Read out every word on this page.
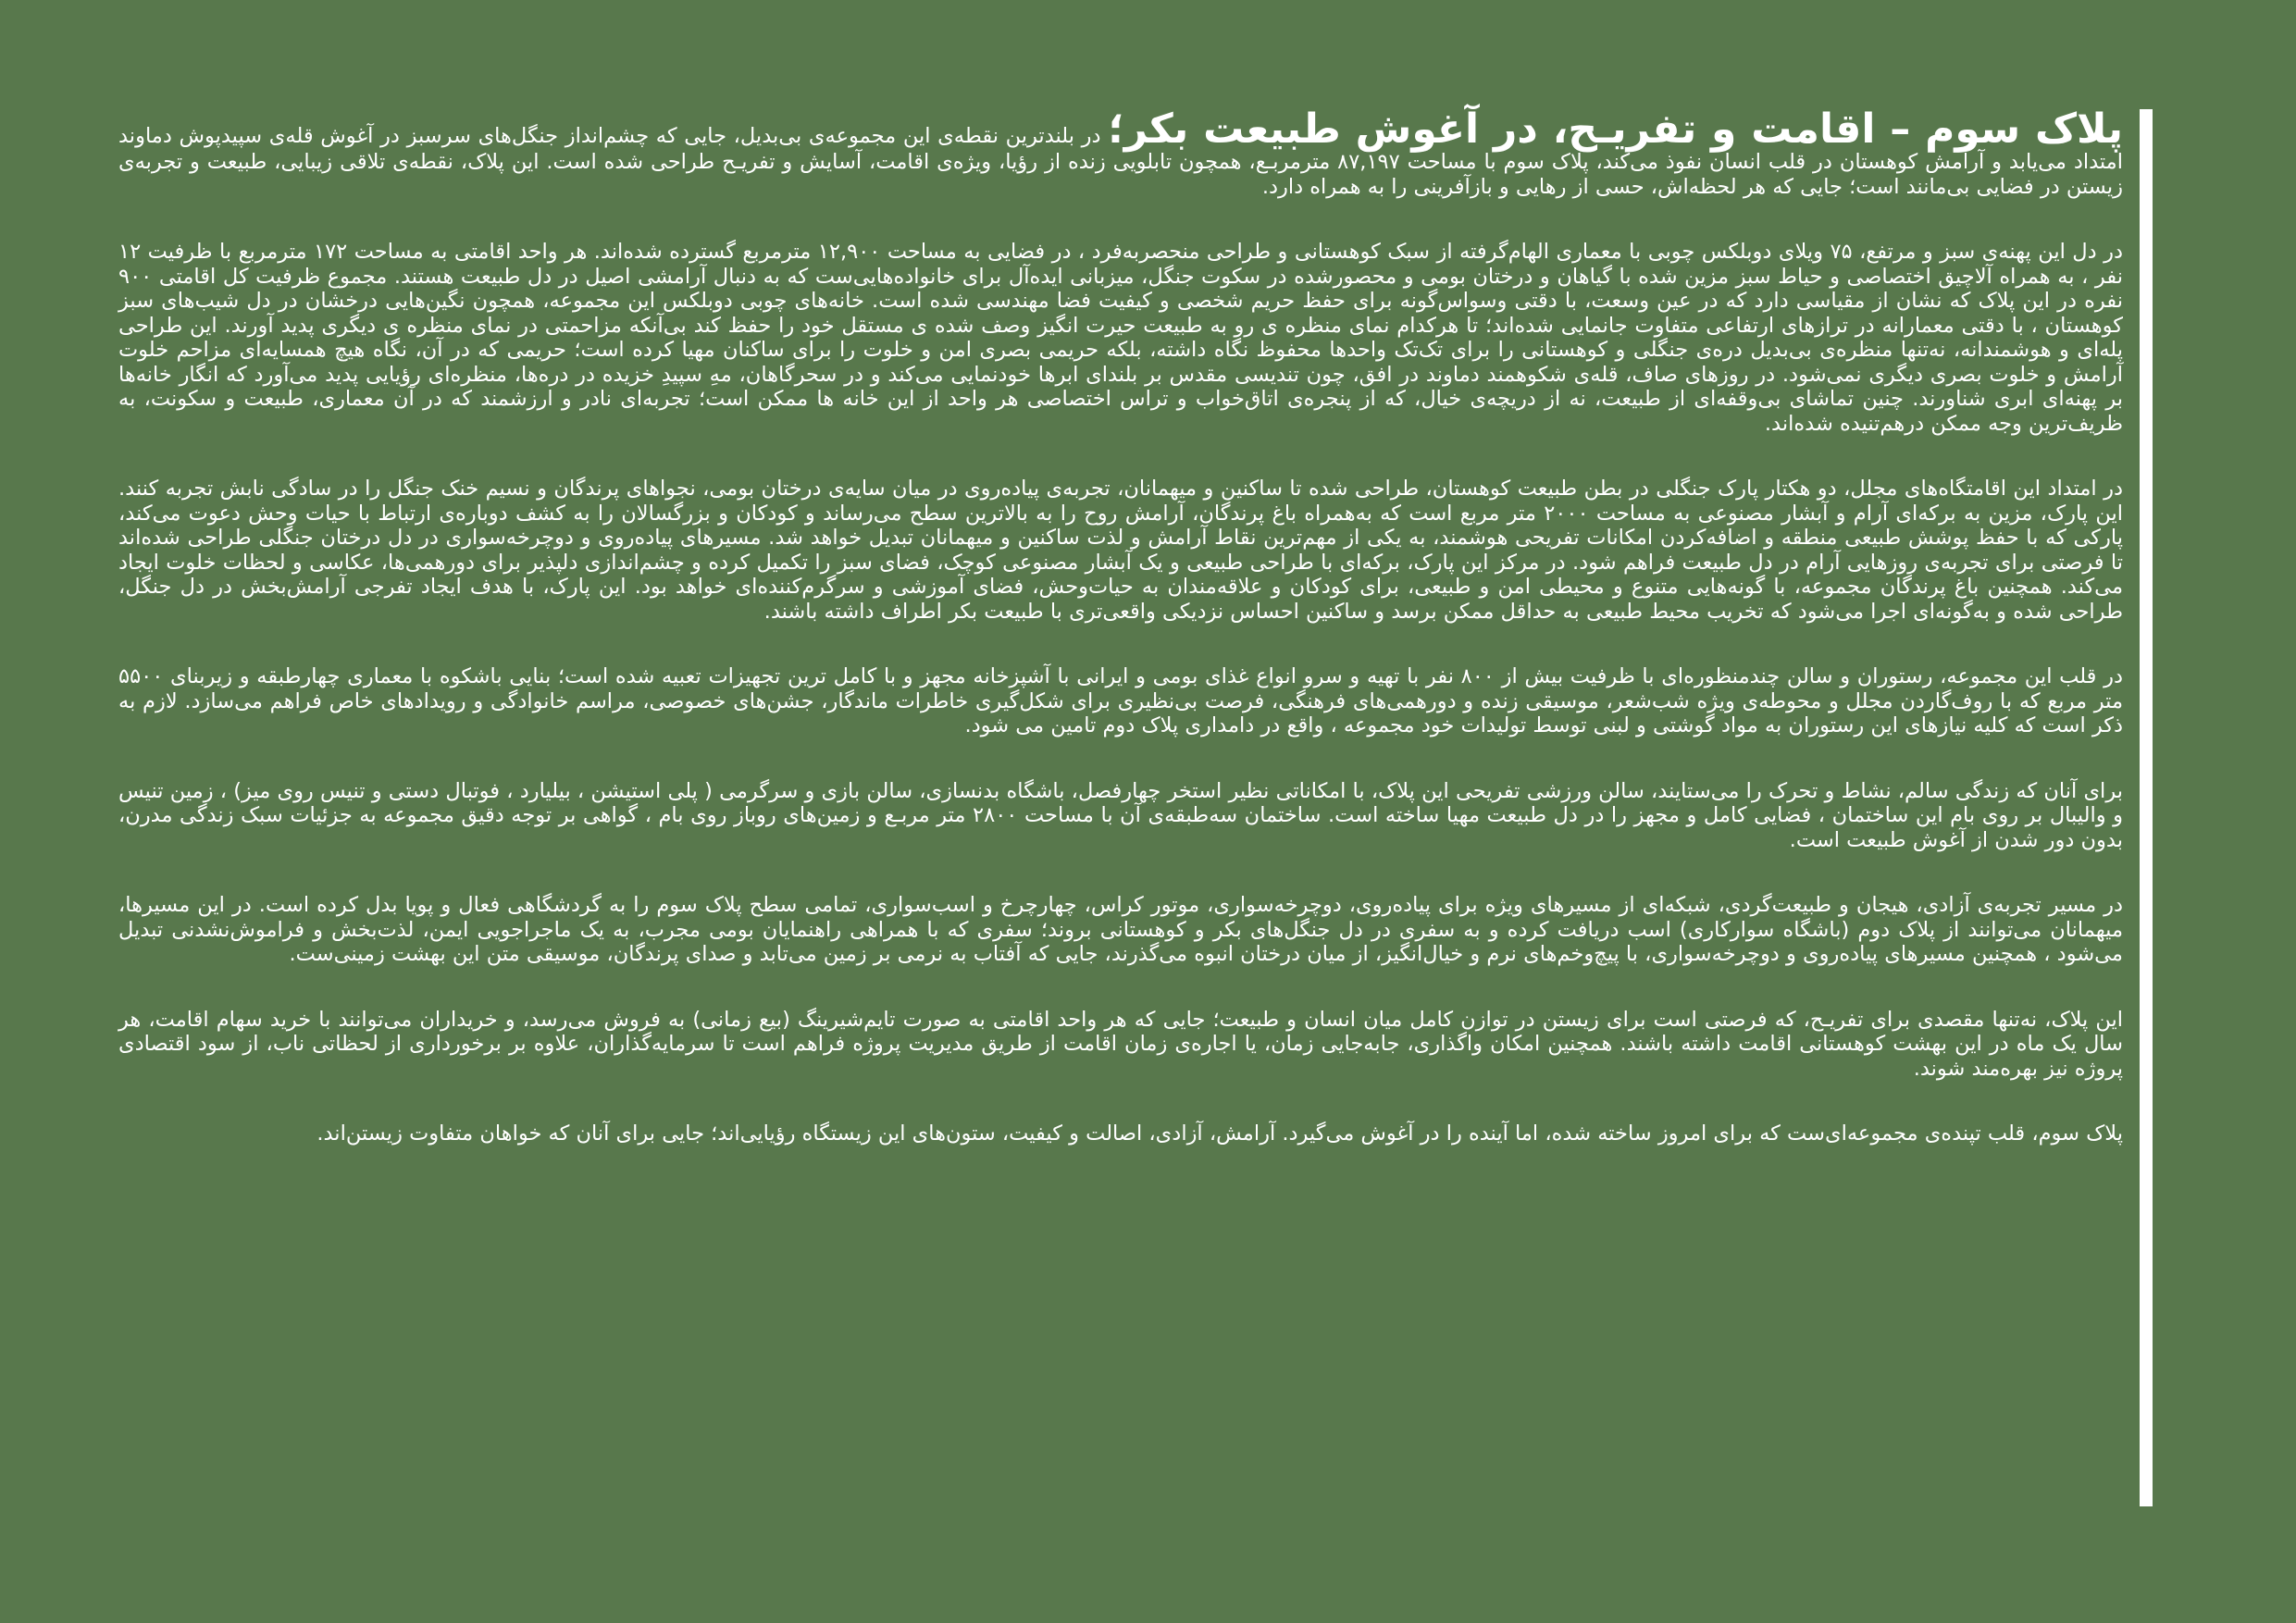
پلاک سوم – اقامت و تفریـح، در آغوش طبیعت بکر؛ در بلندترین نقطه‌ی این مجموعه‌ی بی‌بدیل، جایی که چشم‌انداز جنگل‌های سرسبز در آغوش قله‌ی سپیدپوش دماوند امتداد می‌یابد و آرامش کوهستان در قلب انسان نفوذ می‌کند، پلاک سوم با مساحت ۸۷,۱۹۷ مترمربـع، همچون تابلویی زنده از رؤیا، ویژه‌ی اقامت، آسایش و تفریـح طراحی شده است. این پلاک، نقطه‌ی تلاقی زیبایی، طبیعت و تجربه‌ی زیستن در فضایی بی‌مانند است؛ جایی که هر لحظه‌اش، حسی از رهایی و بازآفرینی را به همراه دارد.

در دل این پهنه‌ی سبز و مرتفع، ۷۵ ویلای دوبلکس چوبی با معماری الهام‌گرفته از سبک کوهستانی و طراحی منحصربه‌فرد ، در فضایی به مساحت ۱۲,۹۰۰ مترمربع گسترده شده‌اند. هر واحد اقامتی به مساحت ۱۷۲ مترمربع با ظرفیت ۱۲ نفر ، به همراه آلاچیق اختصاصی و حیاط سبز مزین شده با گیاهان و درختان بومی و محصورشده در سکوت جنگل، میزبانی ایده‌آل برای خانواده‌هایی‌ست که به دنبال آرامشی اصیل در دل طبیعت هستند. مجموع ظرفیت کل اقامتی ۹۰۰ نفره در این پلاک که نشان از مقیاسی دارد که در عین وسعت، با دقتی وسواس‌گونه برای حفظ حریم شخصی و کیفیت فضا مهندسی شده است. خانه‌های چوبی دوبلکس این مجموعه، همچون نگین‌هایی درخشان در دل شیب‌های سبز کوهستان ، با دقتی معمارانه در ترازهای ارتفاعی متفاوت جانمایی شده‌اند؛ تا هرکدام نمای منظره ی رو به طبیعت حیرت انگیز وصف شده ی مستقل خود را حفظ کند بی‌آنکه مزاحمتی در نمای منظره ی دیگری پدید آورند. این طراحی پله‌ای و هوشمندانه، نه‌تنها منظره‌ی بی‌بدیل دره‌ی جنگلی و کوهستانی را برای تک‌تک واحدها محفوظ نگاه داشته، بلکه حریمی بصری امن و خلوت را برای ساکنان مهیا کرده است؛ حریمی که در آن، نگاه هیچ همسایه‌ای مزاحم خلوت آرامش و خلوت بصری دیگری نمی‌شود. در روزهای صاف، قله‌ی شکوهمند دماوند در افق، چون تندیسی مقدس بر بلندای ابرها خودنمایی می‌کند و در سحرگاهان، مهِ سپیدِ خزیده در دره‌ها، منظره‌ای رؤیایی پدید می‌آورد که انگار خانه‌ها بر پهنه‌ای ابری شناورند. چنین تماشای بی‌وقفه‌ای از طبیعت، نه از دریچه‌ی خیال، که از پنجره‌ی اتاق‌خواب و تراس اختصاصی هر واحد از این خانه ها ممکن است؛ تجربه‌ای نادر و ارزشمند که در آن معماری، طبیعت و سکونت، به ظریف‌ترین وجه ممکن درهم‌تنیده شده‌اند.

در امتداد این اقامتگاه‌های مجلل، دو هکتار پارک جنگلی در بطن طبیعت کوهستان، طراحی شده تا ساکنین و میهمانان، تجربه‌ی پیاده‌روی در میان سایه‌ی درختان بومی، نجواهای پرندگان و نسیم خنک جنگل را در سادگی نابش تجربه کنند. این پارک، مزین به برکه‌ای آرام و آبشار مصنوعی به مساحت ۲۰۰۰ متر مربع است که به‌همراه باغ پرندگان، آرامش روح را به بالاترین سطح می‌رساند و کودکان و بزرگسالان را به کشف دوباره‌ی ارتباط با حیات وحش دعوت می‌کند، پارکی که با حفظ پوشش طبیعی منطقه و اضافه‌کردن امکانات تفریحی هوشمند، به یکی از مهم‌ترین نقاط آرامش و لذت ساکنین و میهمانان تبدیل خواهد شد. مسیرهای پیاده‌روی و دوچرخه‌سواری در دل درختان جنگلی طراحی شده‌اند تا فرصتی برای تجربه‌ی روزهایی آرام در دل طبیعت فراهم شود. در مرکز این پارک، برکه‌ای با طراحی طبیعی و یک آبشار مصنوعی کوچک، فضای سبز را تکمیل کرده و چشم‌اندازی دلپذیر برای دورهمی‌ها، عکاسی و لحظات خلوت ایجاد می‌کند. همچنین باغ پرندگان مجموعه، با گونه‌هایی متنوع و محیطی امن و طبیعی، برای کودکان و علاقه‌مندان به حیات‌وحش، فضای آموزشی و سرگرم‌کننده‌ای خواهد بود. این پارک، با هدف ایجاد تفرجی آرامش‌بخش در دل جنگل، طراحی شده و به‌گونه‌ای اجرا می‌شود که تخریب محیط طبیعی به حداقل ممکن برسد و ساکنین احساس نزدیکی واقعی‌تری با طبیعت بکر اطراف داشته باشند.

در قلب این مجموعه، رستوران و سالن چندمنظوره‌ای با ظرفیت بیش از ۸۰۰ نفر با تهیه و سرو انواع غذای بومی و ایرانی با آشپزخانه مجهز و با کامل ترین تجهیزات تعبیه شده است؛ بنایی باشکوه با معماری چهارطبقه و زیربنای ۵۵۰۰ متر مربع که با روف‌گاردن مجلل و محوطه‌ی ویژه شب‌شعر، موسیقی زنده و دورهمی‌های فرهنگی، فرصت بی‌نظیری برای شکل‌گیری خاطرات ماندگار، جشن‌های خصوصی، مراسم خانوادگی و رویدادهای خاص فراهم می‌سازد. لازم به ذکر است که کلیه نیازهای این رستوران به مواد گوشتی و لبنی توسط تولیدات خود مجموعه ، واقع در دامداری پلاک دوم تامین می شود.

برای آنان که زندگی سالم، نشاط و تحرک را می‌ستایند، سالن ورزشی تفریحی این پلاک، با امکاناتی نظیر استخر چهارفصل، باشگاه بدنسازی، سالن بازی و سرگرمی ( پلی استیشن ، بیلیارد ، فوتبال دستی و تنیس روی میز) ، زمین تنیس و والیبال بر روی بام این ساختمان ، فضایی کامل و مجهز را در دل طبیعت مهیا ساخته است. ساختمان سه‌طبقه‌ی آن با مساحت ۲۸۰۰ متر مربـع و زمین‌های روباز روی بام ، گواهی بر توجه دقیق مجموعه به جزئیات سبک زندگی مدرن، بدون دور شدن از آغوش طبیعت است.

در مسیر تجربه‌ی آزادی، هیجان و طبیعت‌گردی، شبکه‌ای از مسیرهای ویژه برای پیاده‌روی، دوچرخه‌سواری، موتور کراس، چهارچرخ و اسب‌سواری، تمامی سطح پلاک سوم را به گردشگاهی فعال و پویا بدل کرده است. در این مسیرها، میهمانان می‌توانند از پلاک دوم (باشگاه سوارکاری) اسب دریافت کرده و به سفری در دل جنگل‌های بکر و کوهستانی بروند؛ سفری که با همراهی راهنمایان بومی مجرب، به یک ماجراجویی ایمن، لذت‌بخش و فراموش‌نشدنی تبدیل می‌شود ، همچنین مسیرهای پیاده‌روی و دوچرخه‌سواری، با پیچ‌وخم‌های نرم و خیال‌انگیز، از میان درختان انبوه می‌گذرند، جایی که آفتاب به نرمی بر زمین می‌تابد و صدای پرندگان، موسیقی متن این بهشت زمینی‌ست.

این پلاک، نه‌تنها مقصدی برای تفریـح، که فرصتی است برای زیستن در توازن کامل میان انسان و طبیعت؛ جایی که هر واحد اقامتی به صورت تایم‌شیرینگ (بیع زمانی) به فروش می‌رسد، و خریداران می‌توانند با خرید سهام اقامت، هر سال یک ماه در این بهشت کوهستانی اقامت داشته باشند. همچنین امکان واگذاری، جابه‌جایی زمان، یا اجاره‌ی زمان اقامت از طریق مدیریت پروژه فراهم است تا سرمایه‌گذاران، علاوه بر برخورداری از لحظاتی ناب، از سود اقتصادی پروژه نیز بهره‌مند شوند.

پلاک سوم، قلب تپنده‌ی مجموعه‌ای‌ست که برای امروز ساخته شده، اما آینده را در آغوش می‌گیرد. آرامش، آزادی، اصالت و کیفیت، ستون‌های این زیستگاه رؤیایی‌اند؛ جایی برای آنان که خواهان متفاوت زیستن‌اند.
